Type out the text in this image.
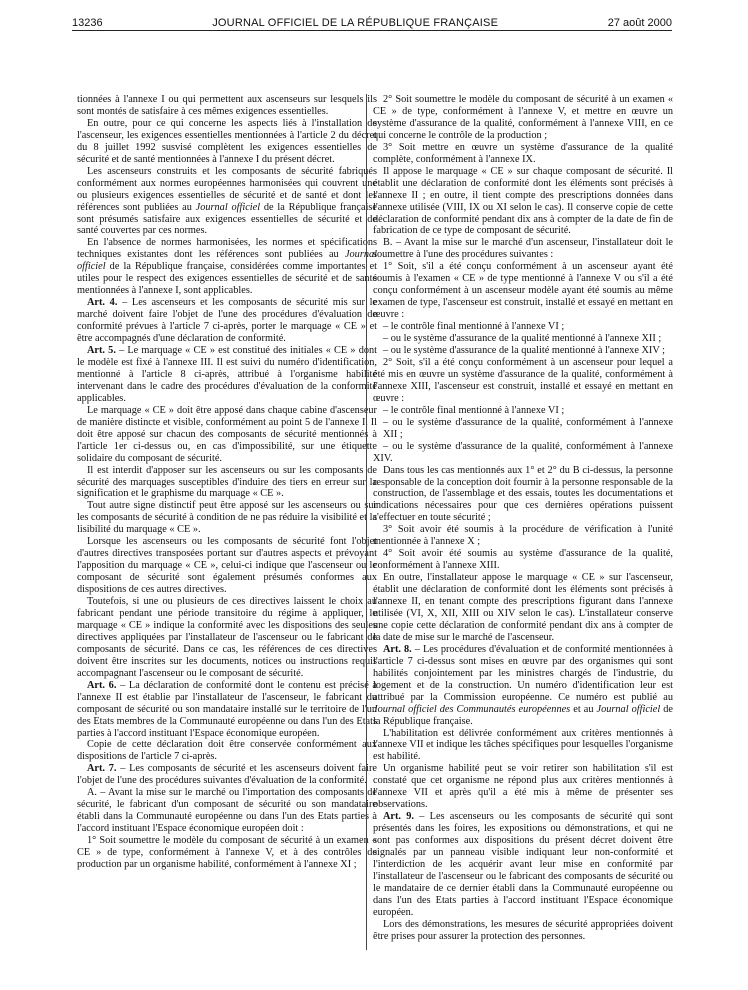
13236	JOURNAL OFFICIEL DE LA RÉPUBLIQUE FRANÇAISE	27 août 2000

tionnées à l'annexe I ou qui permettent aux ascenseurs sur lesquels ils sont montés de satisfaire à ces mêmes exigences essentielles.

En outre, pour ce qui concerne les aspects liés à l'installation de l'ascenseur, les exigences essentielles mentionnées à l'article 2 du décret du 8 juillet 1992 susvisé complètent les exigences essentielles de sécurité et de santé mentionnées à l'annexe I du présent décret.

Les ascenseurs construits et les composants de sécurité fabriqués conformément aux normes européennes harmonisées qui couvrent une ou plusieurs exigences essentielles de sécurité et de santé et dont les références sont publiées au Journal officiel de la République française sont présumés satisfaire aux exigences essentielles de sécurité et de santé couvertes par ces normes.

En l'absence de normes harmonisées, les normes et spécifications techniques existantes dont les références sont publiées au Journal officiel de la République française, considérées comme importantes et utiles pour le respect des exigences essentielles de sécurité et de santé mentionnées à l'annexe I, sont applicables.

Art. 4. – Les ascenseurs et les composants de sécurité mis sur le marché doivent faire l'objet de l'une des procédures d'évaluation de conformité prévues à l'article 7 ci-après, porter le marquage « CE » et être accompagnés d'une déclaration de conformité.

Art. 5. – Le marquage « CE » est constitué des initiales « CE » dont le modèle est fixé à l'annexe III. Il est suivi du numéro d'identification, mentionné à l'article 8 ci-après, attribué à l'organisme habilité intervenant dans le cadre des procédures d'évaluation de la conformité applicables.

Le marquage « CE » doit être apposé dans chaque cabine d'ascenseur de manière distincte et visible, conformément au point 5 de l'annexe I. Il doit être apposé sur chacun des composants de sécurité mentionnés à l'article 1er ci-dessus ou, en cas d'impossibilité, sur une étiquette solidaire du composant de sécurité.

Il est interdit d'apposer sur les ascenseurs ou sur les composants de sécurité des marquages susceptibles d'induire des tiers en erreur sur la signification et le graphisme du marquage « CE ».

Tout autre signe distinctif peut être apposé sur les ascenseurs ou sur les composants de sécurité à condition de ne pas réduire la visibilité et la lisibilité du marquage « CE ».

Lorsque les ascenseurs ou les composants de sécurité font l'objet d'autres directives transposées portant sur d'autres aspects et prévoyant l'apposition du marquage « CE », celui-ci indique que l'ascenseur ou le composant de sécurité sont également présumés conformes aux dispositions de ces autres directives.

Toutefois, si une ou plusieurs de ces directives laissent le choix au fabricant pendant une période transitoire du régime à appliquer, le marquage « CE » indique la conformité avec les dispositions des seules directives appliquées par l'installateur de l'ascenseur ou le fabricant de composants de sécurité. Dans ce cas, les références de ces directives doivent être inscrites sur les documents, notices ou instructions requis accompagnant l'ascenseur ou le composant de sécurité.

Art. 6. – La déclaration de conformité dont le contenu est précisé à l'annexe II est établie par l'installateur de l'ascenseur, le fabricant du composant de sécurité ou son mandataire installé sur le territoire de l'un des Etats membres de la Communauté européenne ou dans l'un des Etats parties à l'accord instituant l'Espace économique européen.

Copie de cette déclaration doit être conservée conformément aux dispositions de l'article 7 ci-après.

Art. 7. – Les composants de sécurité et les ascenseurs doivent faire l'objet de l'une des procédures suivantes d'évaluation de la conformité.

A. – Avant la mise sur le marché ou l'importation des composants de sécurité, le fabricant d'un composant de sécurité ou son mandataire établi dans la Communauté européenne ou dans l'un des Etats parties à l'accord instituant l'Espace économique européen doit :

1° Soit soumettre le modèle du composant de sécurité à un examen « CE » de type, conformément à l'annexe V, et à des contrôles de production par un organisme habilité, conformément à l'annexe XI ;

2° Soit soumettre le modèle du composant de sécurité à un examen « CE » de type, conformément à l'annexe V, et mettre en œuvre un système d'assurance de la qualité, conformément à l'annexe VIII, en ce qui concerne le contrôle de la production ;

3° Soit mettre en œuvre un système d'assurance de la qualité complète, conformément à l'annexe IX.

Il appose le marquage « CE » sur chaque composant de sécurité. Il établit une déclaration de conformité dont les éléments sont précisés à l'annexe II ; en outre, il tient compte des prescriptions données dans l'annexe utilisée (VIII, IX ou XI selon le cas). Il conserve copie de cette déclaration de conformité pendant dix ans à compter de la date de fin de fabrication de ce type de composant de sécurité.

B. – Avant la mise sur le marché d'un ascenseur, l'installateur doit le soumettre à l'une des procédures suivantes :

1° Soit, s'il a été conçu conformément à un ascenseur ayant été soumis à l'examen « CE » de type mentionné à l'annexe V ou s'il a été conçu conformément à un ascenseur modèle ayant été soumis au même examen de type, l'ascenseur est construit, installé et essayé en mettant en œuvre :

– le contrôle final mentionné à l'annexe VI ;

– ou le système d'assurance de la qualité mentionné à l'annexe XII ;

– ou le système d'assurance de la qualité mentionné à l'annexe XIV ;

2° Soit, s'il a été conçu conformément à un ascenseur pour lequel a été mis en œuvre un système d'assurance de la qualité, conformément à l'annexe XIII, l'ascenseur est construit, installé et essayé en mettant en œuvre :

– le contrôle final mentionné à l'annexe VI ;

– ou le système d'assurance de la qualité, conformément à l'annexe XII ;

– ou le système d'assurance de la qualité, conformément à l'annexe XIV.

Dans tous les cas mentionnés aux 1° et 2° du B ci-dessus, la personne responsable de la conception doit fournir à la personne responsable de la construction, de l'assemblage et des essais, toutes les documentations et indications nécessaires pour que ces dernières opérations puissent s'effectuer en toute sécurité ;

3° Soit avoir été soumis à la procédure de vérification à l'unité mentionnée à l'annexe X ;

4° Soit avoir été soumis au système d'assurance de la qualité, conformément à l'annexe XIII.

En outre, l'installateur appose le marquage « CE » sur l'ascenseur, établit une déclaration de conformité dont les éléments sont précisés à l'annexe II, en tenant compte des prescriptions figurant dans l'annexe utilisée (VI, X, XII, XIII ou XIV selon le cas). L'installateur conserve une copie cette déclaration de conformité pendant dix ans à compter de la date de mise sur le marché de l'ascenseur.

Art. 8. – Les procédures d'évaluation et de conformité mentionnées à l'article 7 ci-dessus sont mises en œuvre par des organismes qui sont habilités conjointement par les ministres chargés de l'industrie, du logement et de la construction. Un numéro d'identification leur est attribué par la Commission européenne. Ce numéro est publié au Journal officiel des Communautés européennes et au Journal officiel de la République française.

L'habilitation est délivrée conformément aux critères mentionnés à l'annexe VII et indique les tâches spécifiques pour lesquelles l'organisme est habilité.

Un organisme habilité peut se voir retirer son habilitation s'il est constaté que cet organisme ne répond plus aux critères mentionnés à l'annexe VII et après qu'il a été mis à même de présenter ses observations.

Art. 9. – Les ascenseurs ou les composants de sécurité qui sont présentés dans les foires, les expositions ou démonstrations, et qui ne sont pas conformes aux dispositions du présent décret doivent être signalés par un panneau visible indiquant leur non-conformité et l'interdiction de les acquérir avant leur mise en conformité par l'installateur de l'ascenseur ou le fabricant des composants de sécurité ou le mandataire de ce dernier établi dans la Communauté européenne ou dans l'un des Etats parties à l'accord instituant l'Espace économique européen.

Lors des démonstrations, les mesures de sécurité appropriées doivent être prises pour assurer la protection des personnes.
